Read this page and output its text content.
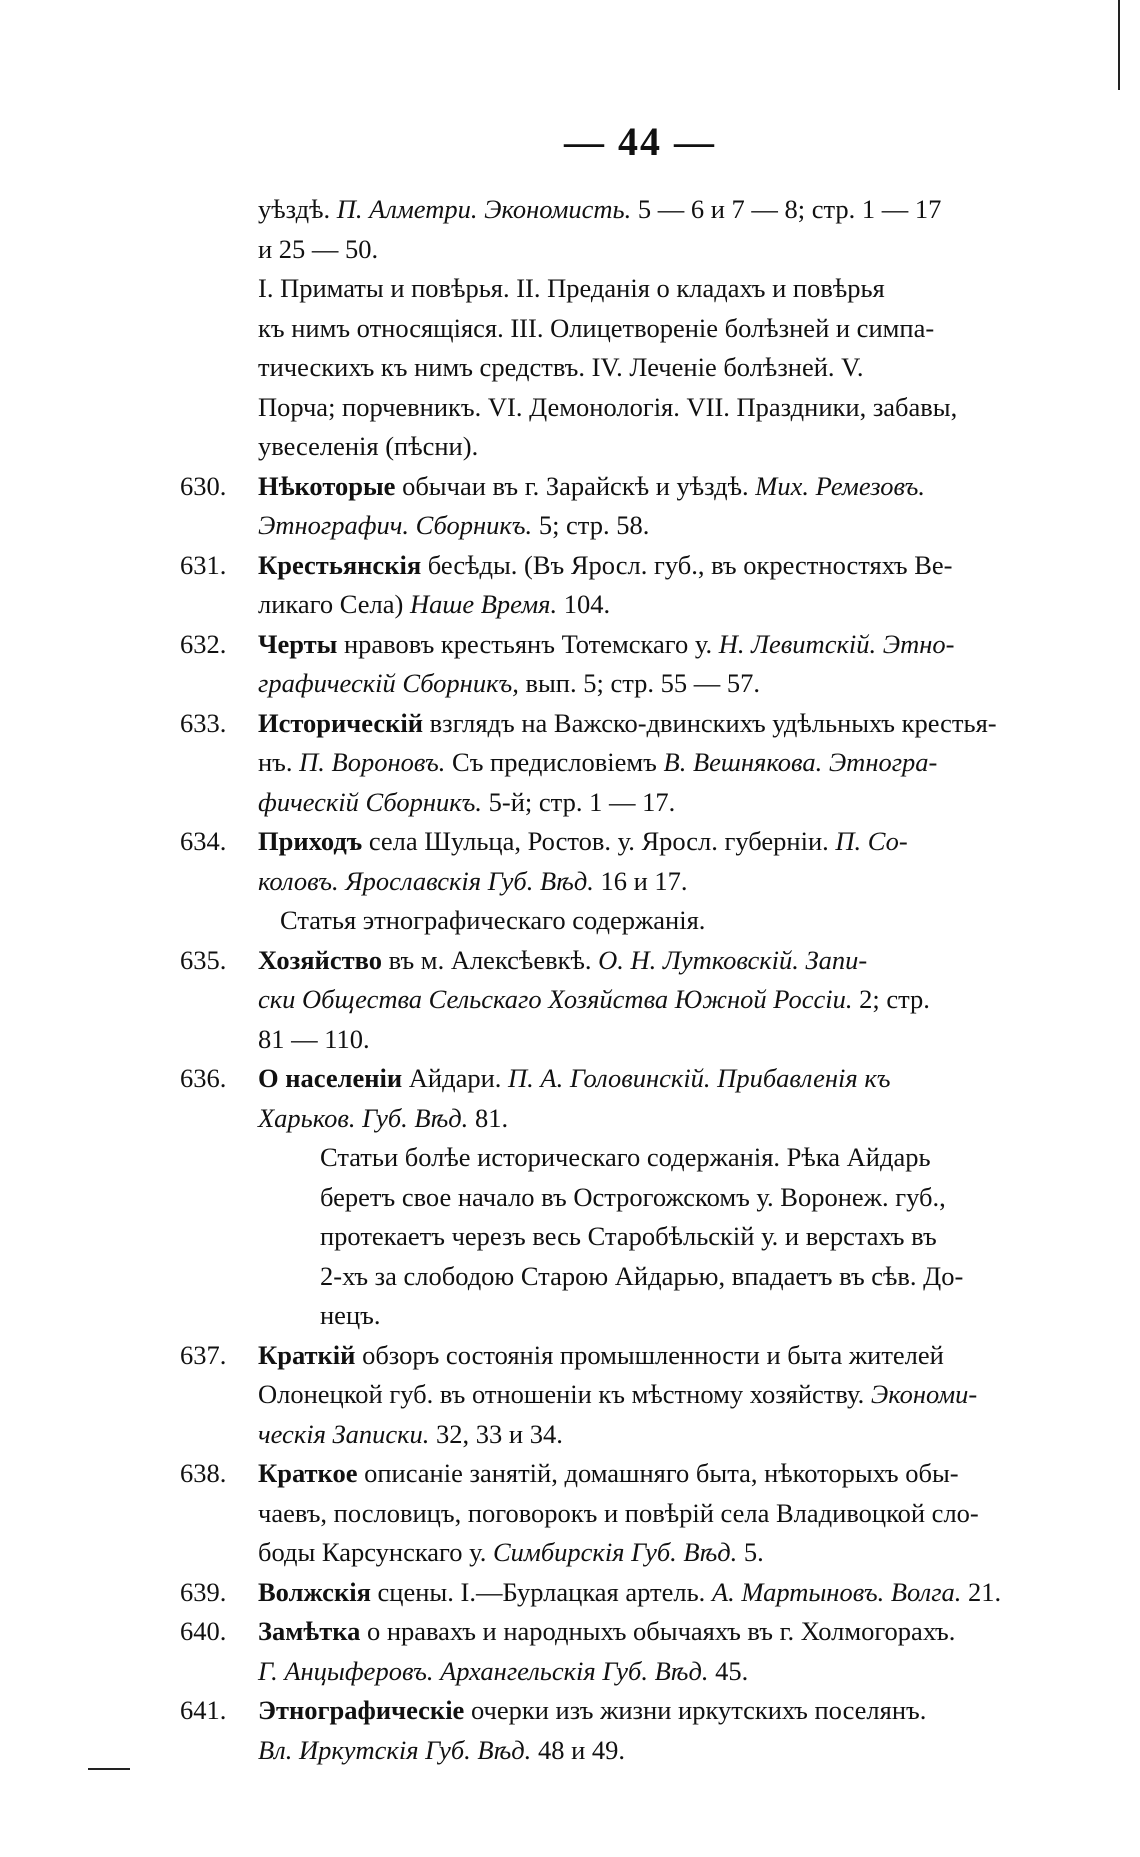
— 44 —
уѣздѣ. П. Алметри. Экономисть. 5 — 6 и 7 — 8; стр. 1 — 17
и 25 — 50.
I. Приматы и повѣрья. II. Преданія о кладахъ и повѣрья
къ нимъ относящіяся. III. Олицетвореніе болѣзней и симпа-
тическихъ къ нимъ средствъ. IV. Леченіе болѣзней. V.
Порча; порчевникъ. VI. Демонологія. VII. Праздники, забавы,
увеселенія (пѣсни).
630. Нѣкоторые обычаи въ г. Зарайскѣ и уѣздѣ. Мих. Ремезовъ.
Этнографич. Сборникъ. 5; стр. 58.
631. Крестьянскія бесѣды. (Въ Яросл. губ., въ окрестностяхъ Ве-
ликаго Села) Наше Время. 104.
632. Черты нравовъ крестьянъ Тотемскаго у. Н. Левитскій. Этно-
графическій Сборникъ, вып. 5; стр. 55 — 57.
633. Историческій взглядъ на Важско-двинскихъ удѣльныхъ крестья-
нъ. П. Вороновъ. Съ предисловіемъ В. Вешнякова. Этногра-
фическій Сборникъ. 5-й; стр. 1 — 17.
634. Приходъ села Шульца, Ростов. у. Яросл. губерніи. П. Со-
коловъ. Ярославскія Губ. Вѣд. 16 и 17.
Статья этнографическаго содержанія.
635. Хозяйство въ м. Алексѣевкѣ. О. Н. Лутковскій. Запи-
ски Общества Сельскаго Хозяйства Южной Россіи. 2; стр.
81 — 110.
636. О населеніи Айдари. П. А. Головинскій. Прибавленія къ
Харьков. Губ. Вѣд. 81.
Статьи болѣе историческаго содержанія. Рѣка Айдарь
беретъ свое начало въ Острогожскомъ у. Воронеж. губ.,
протекаетъ черезъ весь Старобѣльскій у. и верстахъ въ
2-хъ за слободою Старою Айдарью, впадаетъ въ сѣв. До-
нецъ.
637. Краткій обзоръ состоянія промышленности и быта жителей
Олонецкой губ. въ отношеніи къ мѣстному хозяйству. Экономи-
ческія Записки. 32, 33 и 34.
638. Краткое описаніе занятій, домашняго быта, нѣкоторыхъ обы-
чаевъ, пословицъ, поговорокъ и повѣрій села Владивоцкой сло-
боды Карсунскаго у. Симбирскія Губ. Вѣд. 5.
639. Волжскія сцены. I.—Бурлацкая артель. А. Мартыновъ. Волга. 21.
640. Замѣтка о нравахъ и народныхъ обычаяхъ въ г. Холмогорахъ.
Г. Анцыферовъ. Архангельскія Губ. Вѣд. 45.
641. Этнографическіе очерки изъ жизни иркутскихъ поселянъ.
Вл. Иркутскія Губ. Вѣд. 48 и 49.
